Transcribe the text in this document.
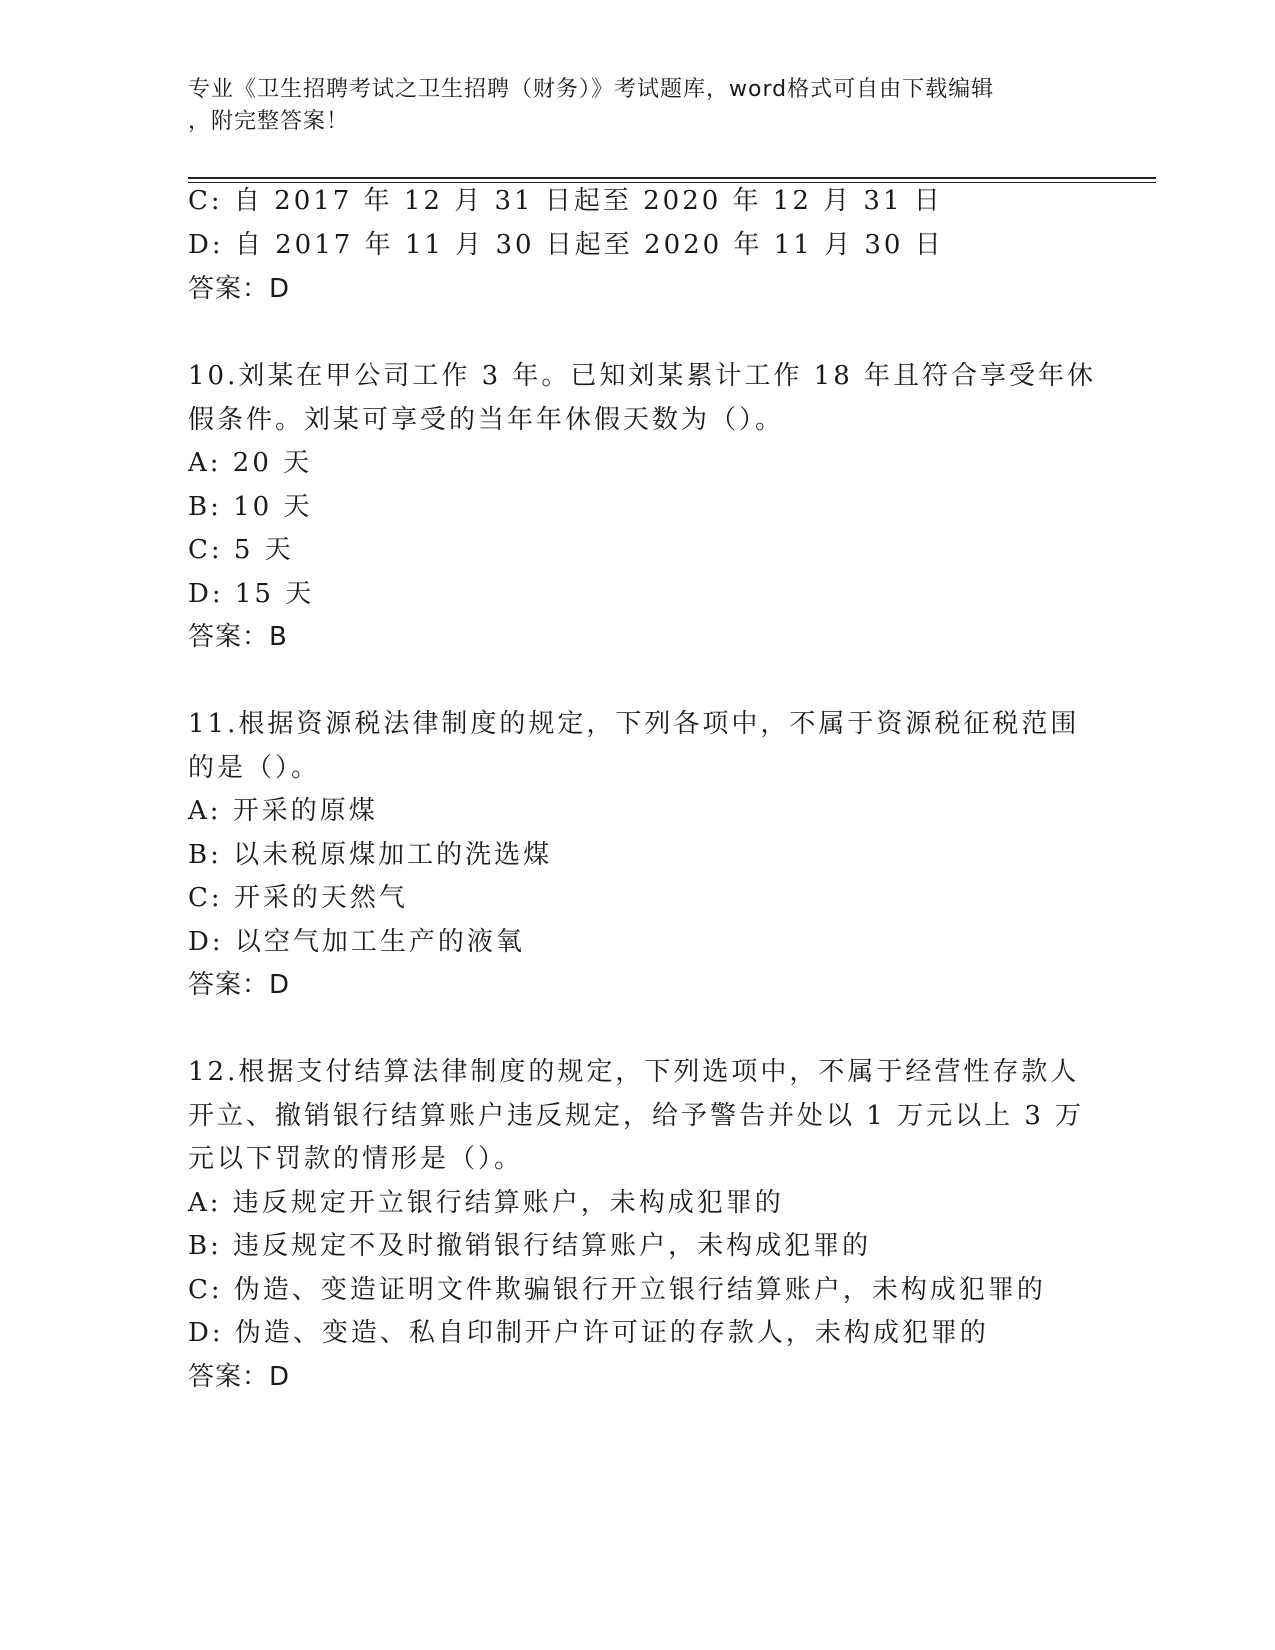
专业《卫生招聘考试之卫生招聘（财务）》考试题库，word格式可自由下载编辑
，附完整答案！
C: 自 2017 年 12 月 31 日起至 2020 年 12 月 31 日
D: 自 2017 年 11 月 30 日起至 2020 年 11 月 30 日
答案：D
10.刘某在甲公司工作 3 年。已知刘某累计工作 18 年且符合享受年休
假条件。刘某可享受的当年年休假天数为（）。
A: 20 天
B: 10 天
C: 5 天
D: 15 天
答案：B
11.根据资源税法律制度的规定，下列各项中，不属于资源税征税范围
的是（）。
A: 开采的原煤
B: 以未税原煤加工的洗选煤
C: 开采的天然气
D: 以空气加工生产的液氧
答案：D
12.根据支付结算法律制度的规定，下列选项中，不属于经营性存款人
开立、撤销银行结算账户违反规定，给予警告并处以 1 万元以上 3 万
元以下罚款的情形是（）。
A: 违反规定开立银行结算账户，未构成犯罪的
B: 违反规定不及时撤销银行结算账户，未构成犯罪的
C: 伪造、变造证明文件欺骗银行开立银行结算账户，未构成犯罪的
D: 伪造、变造、私自印制开户许可证的存款人，未构成犯罪的
答案：D
